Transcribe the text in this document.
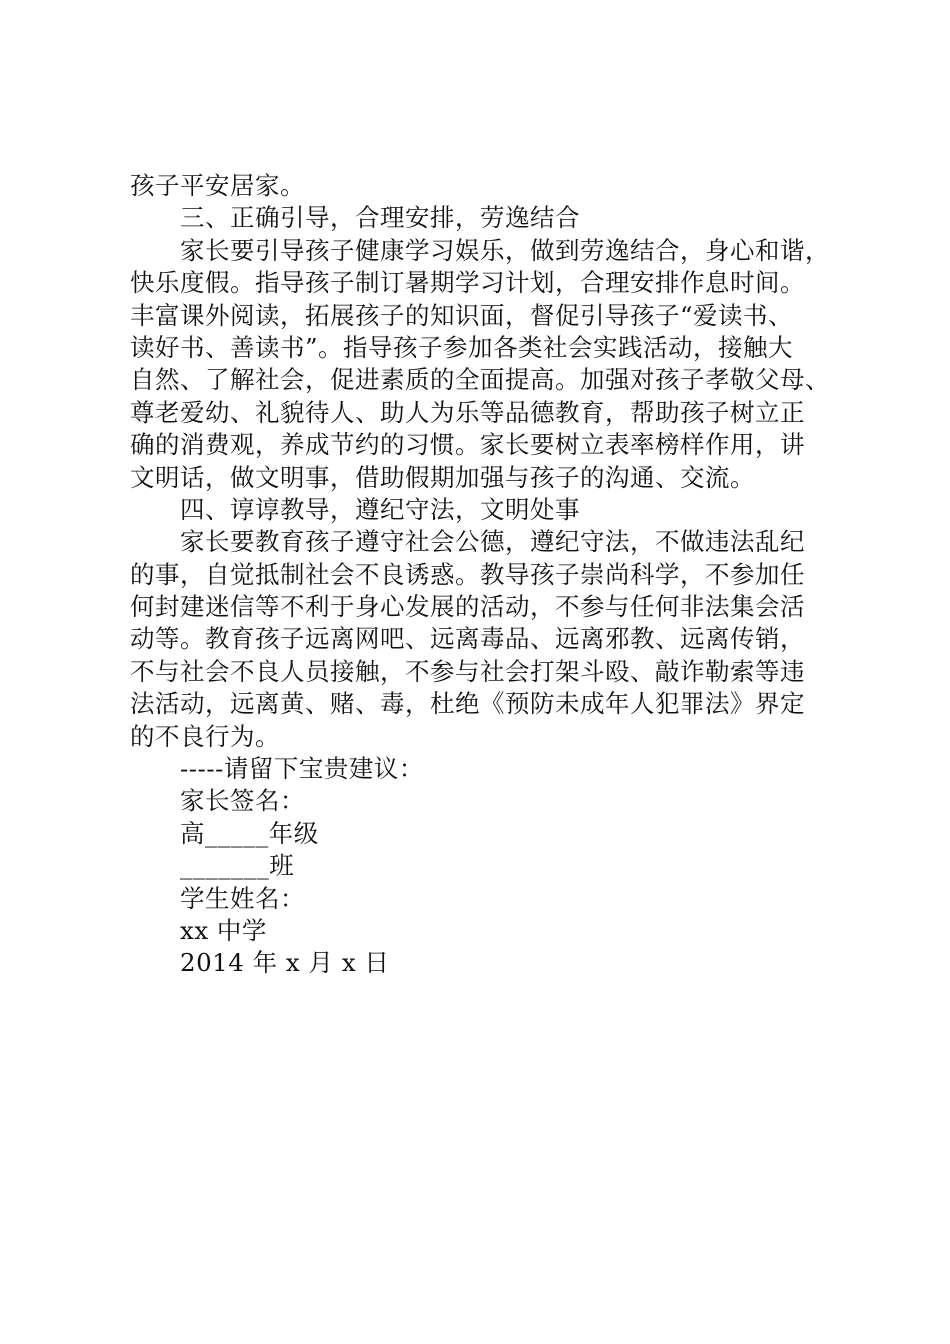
孩子平安居家。
三、正确引导，合理安排，劳逸结合
家长要引导孩子健康学习娱乐，做到劳逸结合，身心和谐，
快乐度假。指导孩子制订暑期学习计划，合理安排作息时间。
丰富课外阅读，拓展孩子的知识面，督促引导孩子“爱读书、
读好书、善读书”。指导孩子参加各类社会实践活动，接触大
自然、了解社会，促进素质的全面提高。加强对孩子孝敬父母、
尊老爱幼、礼貌待人、助人为乐等品德教育，帮助孩子树立正
确的消费观，养成节约的习惯。家长要树立表率榜样作用，讲
文明话，做文明事，借助假期加强与孩子的沟通、交流。
四、谆谆教导，遵纪守法，文明处事
家长要教育孩子遵守社会公德，遵纪守法，不做违法乱纪
的事，自觉抵制社会不良诱惑。教导孩子崇尚科学，不参加任
何封建迷信等不利于身心发展的活动，不参与任何非法集会活
动等。教育孩子远离网吧、远离毒品、远离邪教、远离传销，
不与社会不良人员接触，不参与社会打架斗殴、敲诈勒索等违
法活动，远离黄、赌、毒，杜绝《预防未成年人犯罪法》界定
的不良行为。
-----请留下宝贵建议：
家长签名：
高_____年级
_______班
学生姓名：
xx 中学
2014 年 x 月 x 日
